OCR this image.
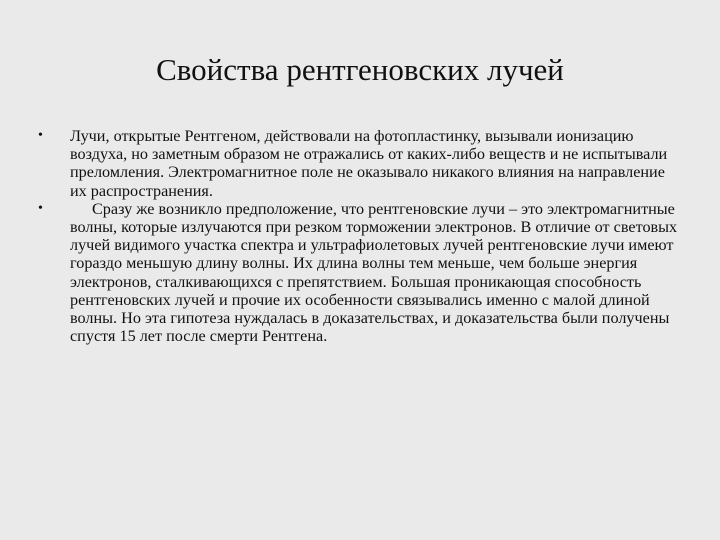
Свойства рентгеновских лучей
• Лучи, открытые Рентгеном, действовали на фотопластинку, вызывали ионизацию воздуха, но заметным образом не отражались от каких-либо веществ и не испытывали преломления. Электромагнитное поле не оказывало никакого влияния на направление их распространения.
•	Сразу же возникло предположение, что рентгеновские лучи – это электромагнитные волны, которые излучаются при резком торможении электронов. В отличие от световых лучей видимого участка спектра и ультрафиолетовых лучей рентгеновские лучи имеют гораздо меньшую длину волны. Их длина волны тем меньше, чем больше энергия электронов, сталкивающихся с препятствием. Большая проникающая способность рентгеновских лучей и прочие их особенности связывались именно с малой длиной волны. Но эта гипотеза нуждалась в доказательствах, и доказательства были получены спустя 15 лет после смерти Рентгена.
